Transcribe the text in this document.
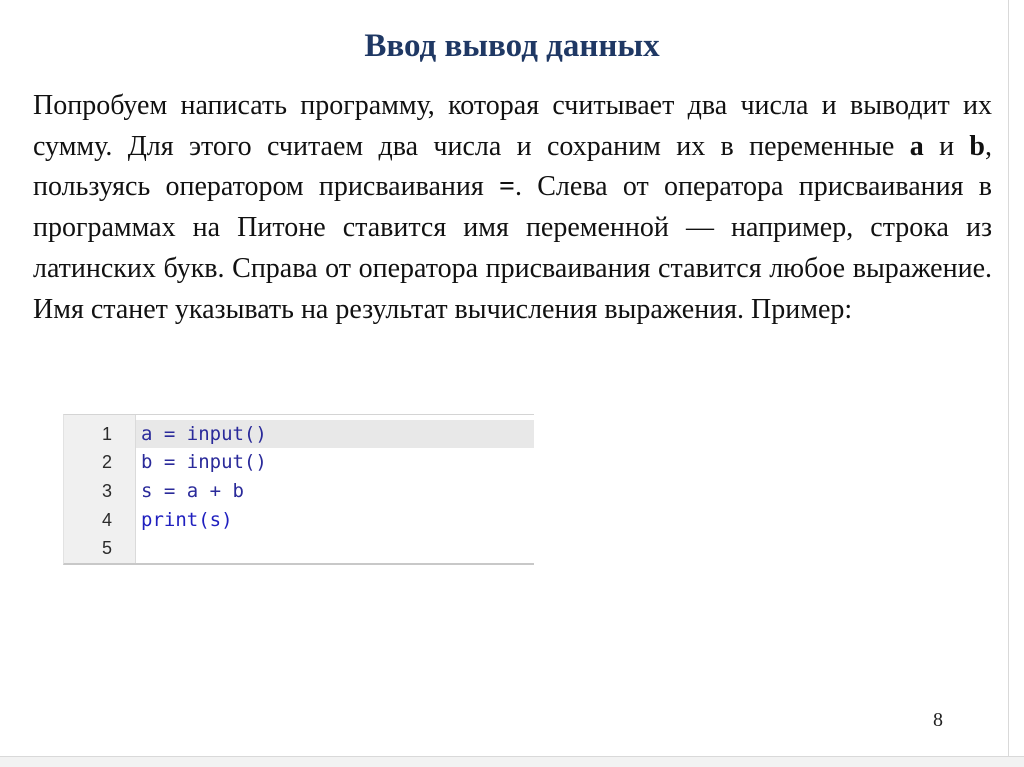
Ввод вывод данных

Попробуем написать программу, которая считывает два числа и выводит их сумму. Для этого считаем два числа и сохраним их в переменные a и b, пользуясь оператором присваивания =. Слева от оператора присваивания в программах на Питоне ставится имя переменной — например, строка из латинских букв. Справа от оператора присваивания ставится любое выражение. Имя станет указывать на результат вычисления выражения. Пример:

1 a = input()
2 b = input()
3 s = a + b
4 print(s)
5
8
